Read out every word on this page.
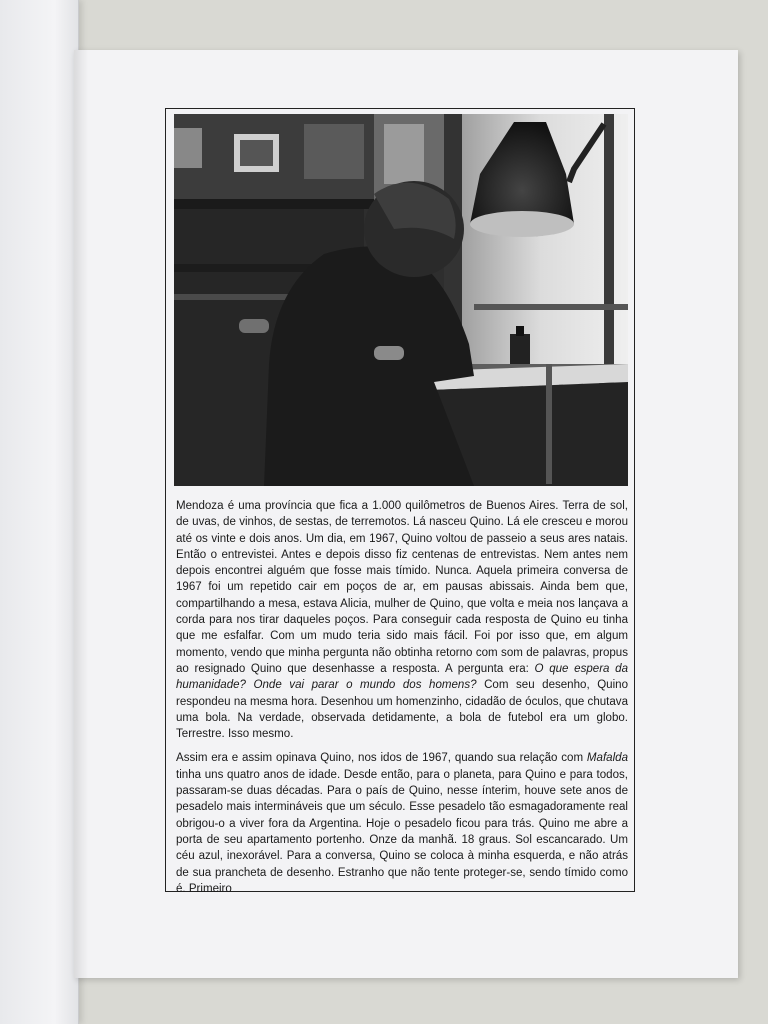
Mendoza é uma província que fica a 1.000 quilômetros de Buenos Aires. Terra de sol, de uvas, de vinhos, de sestas, de terremotos. Lá nasceu Quino. Lá ele cresceu e morou até os vinte e dois anos. Um dia, em 1967, Quino voltou de passeio a seus ares natais. Então o entrevistei. Antes e depois disso fiz centenas de entrevistas. Nem antes nem depois encontrei alguém que fosse mais tímido. Nunca. Aquela primeira conversa de 1967 foi um repetido cair em poços de ar, em pausas abissais. Ainda bem que, compartilhando a mesa, estava Alicia, mulher de Quino, que volta e meia nos lançava a corda para nos tirar daqueles poços. Para conseguir cada resposta de Quino eu tinha que me esfalfar. Com um mudo teria sido mais fácil. Foi por isso que, em algum momento, vendo que minha pergunta não obtinha retorno com som de palavras, propus ao resignado Quino que desenhasse a resposta. A pergunta era: O que espera da humanidade? Onde vai parar o mundo dos homens? Com seu desenho, Quino respondeu na mesma hora. Desenhou um homenzinho, cidadão de óculos, que chutava uma bola. Na verdade, observada detidamente, a bola de futebol era um globo. Terrestre. Isso mesmo.

Assim era e assim opinava Quino, nos idos de 1967, quando sua relação com Mafalda tinha uns quatro anos de idade. Desde então, para o planeta, para Quino e para todos, passaram-se duas décadas. Para o país de Quino, nesse ínterim, houve sete anos de pesadelo mais intermináveis que um século. Esse pesadelo tão esmagadoramente real obrigou-o a viver fora da Argentina. Hoje o pesadelo ficou para trás. Quino me abre a porta de seu apartamento portenho. Onze da manhã. 18 graus. Sol escancarado. Um céu azul, inexorável. Para a conversa, Quino se coloca à minha esquerda, e não atrás de sua prancheta de desenho. Estranho que não tente proteger-se, sendo tímido como é. Primeiro
